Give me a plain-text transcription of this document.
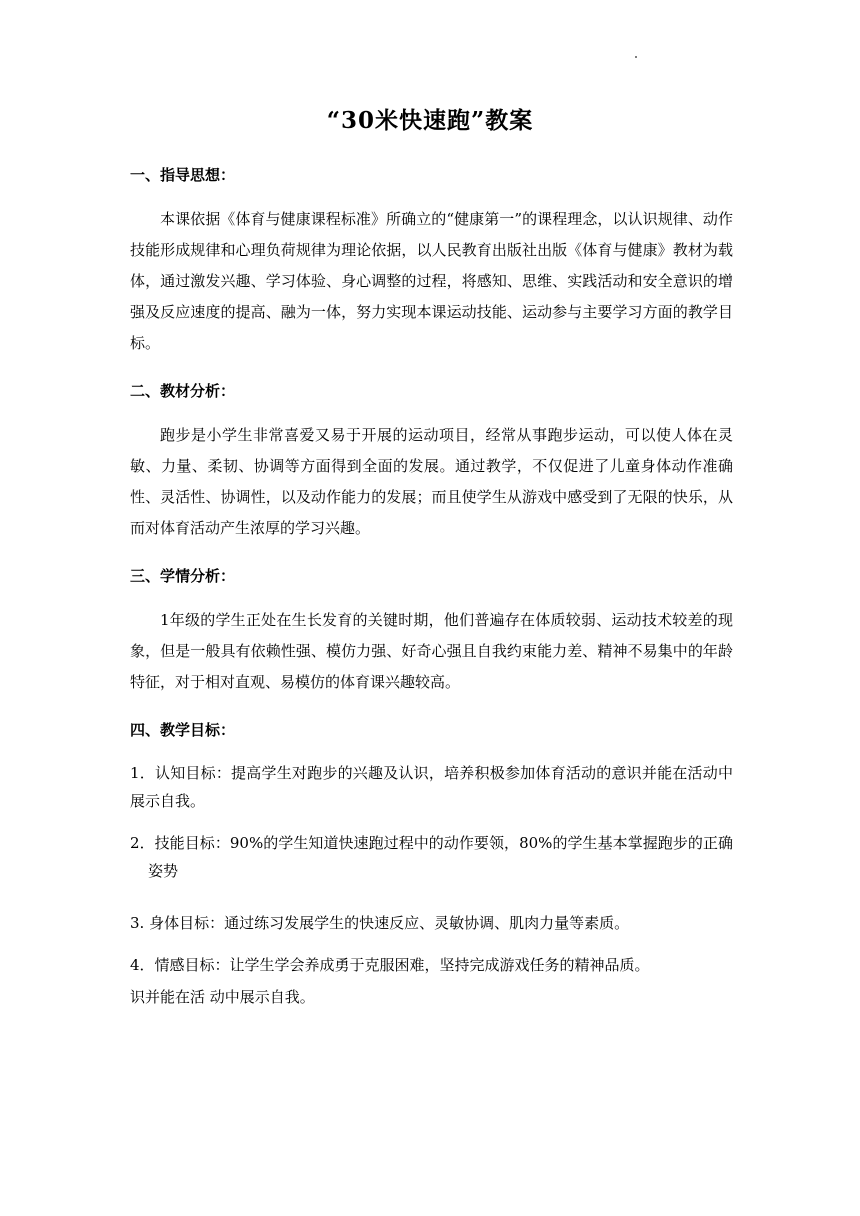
“30米快速跑”教案
一、指导思想：

本课依据《体育与健康课程标准》所确立的“健康第一”的课程理念，以认识规律、动作技能形成规律和心理负荷规律为理论依据，以人民教育出版社出版《体育与健康》教材为载体，通过激发兴趣、学习体验、身心调整的过程，将感知、思维、实践活动和安全意识的增强及反应速度的提高、融为一体，努力实现本课运动技能、运动参与主要学习方面的教学目标。

二、教材分析：

跑步是小学生非常喜爱又易于开展的运动项目，经常从事跑步运动，可以使人体在灵敏、力量、柔韧、协调等方面得到全面的发展。通过教学，不仅促进了儿童身体动作准确性、灵活性、协调性，以及动作能力的发展；而且使学生从游戏中感受到了无限的快乐，从而对体育活动产生浓厚的学习兴趣。

三、学情分析：

1年级的学生正处在生长发育的关键时期，他们普遍存在体质较弱、运动技术较差的现象，但是一般具有依赖性强、模仿力强、好奇心强且自我约束能力差、精神不易集中的年龄特征，对于相对直观、易模仿的体育课兴趣较高。

四、教学目标：
1．认知目标：提高学生对跑步的兴趣及认识，培养积极参加体育活动的意识并能在活动中展示自我。
2．技能目标：90%的学生知道快速跑过程中的动作要领，80%的学生基本掌握跑步的正确姿势
3. 身体目标：通过练习发展学生的快速反应、灵敏协调、肌肉力量等素质。
4．情感目标：让学生学会养成勇于克服困难，坚持完成游戏任务的精神品质。
识并能在活 动中展示自我。
